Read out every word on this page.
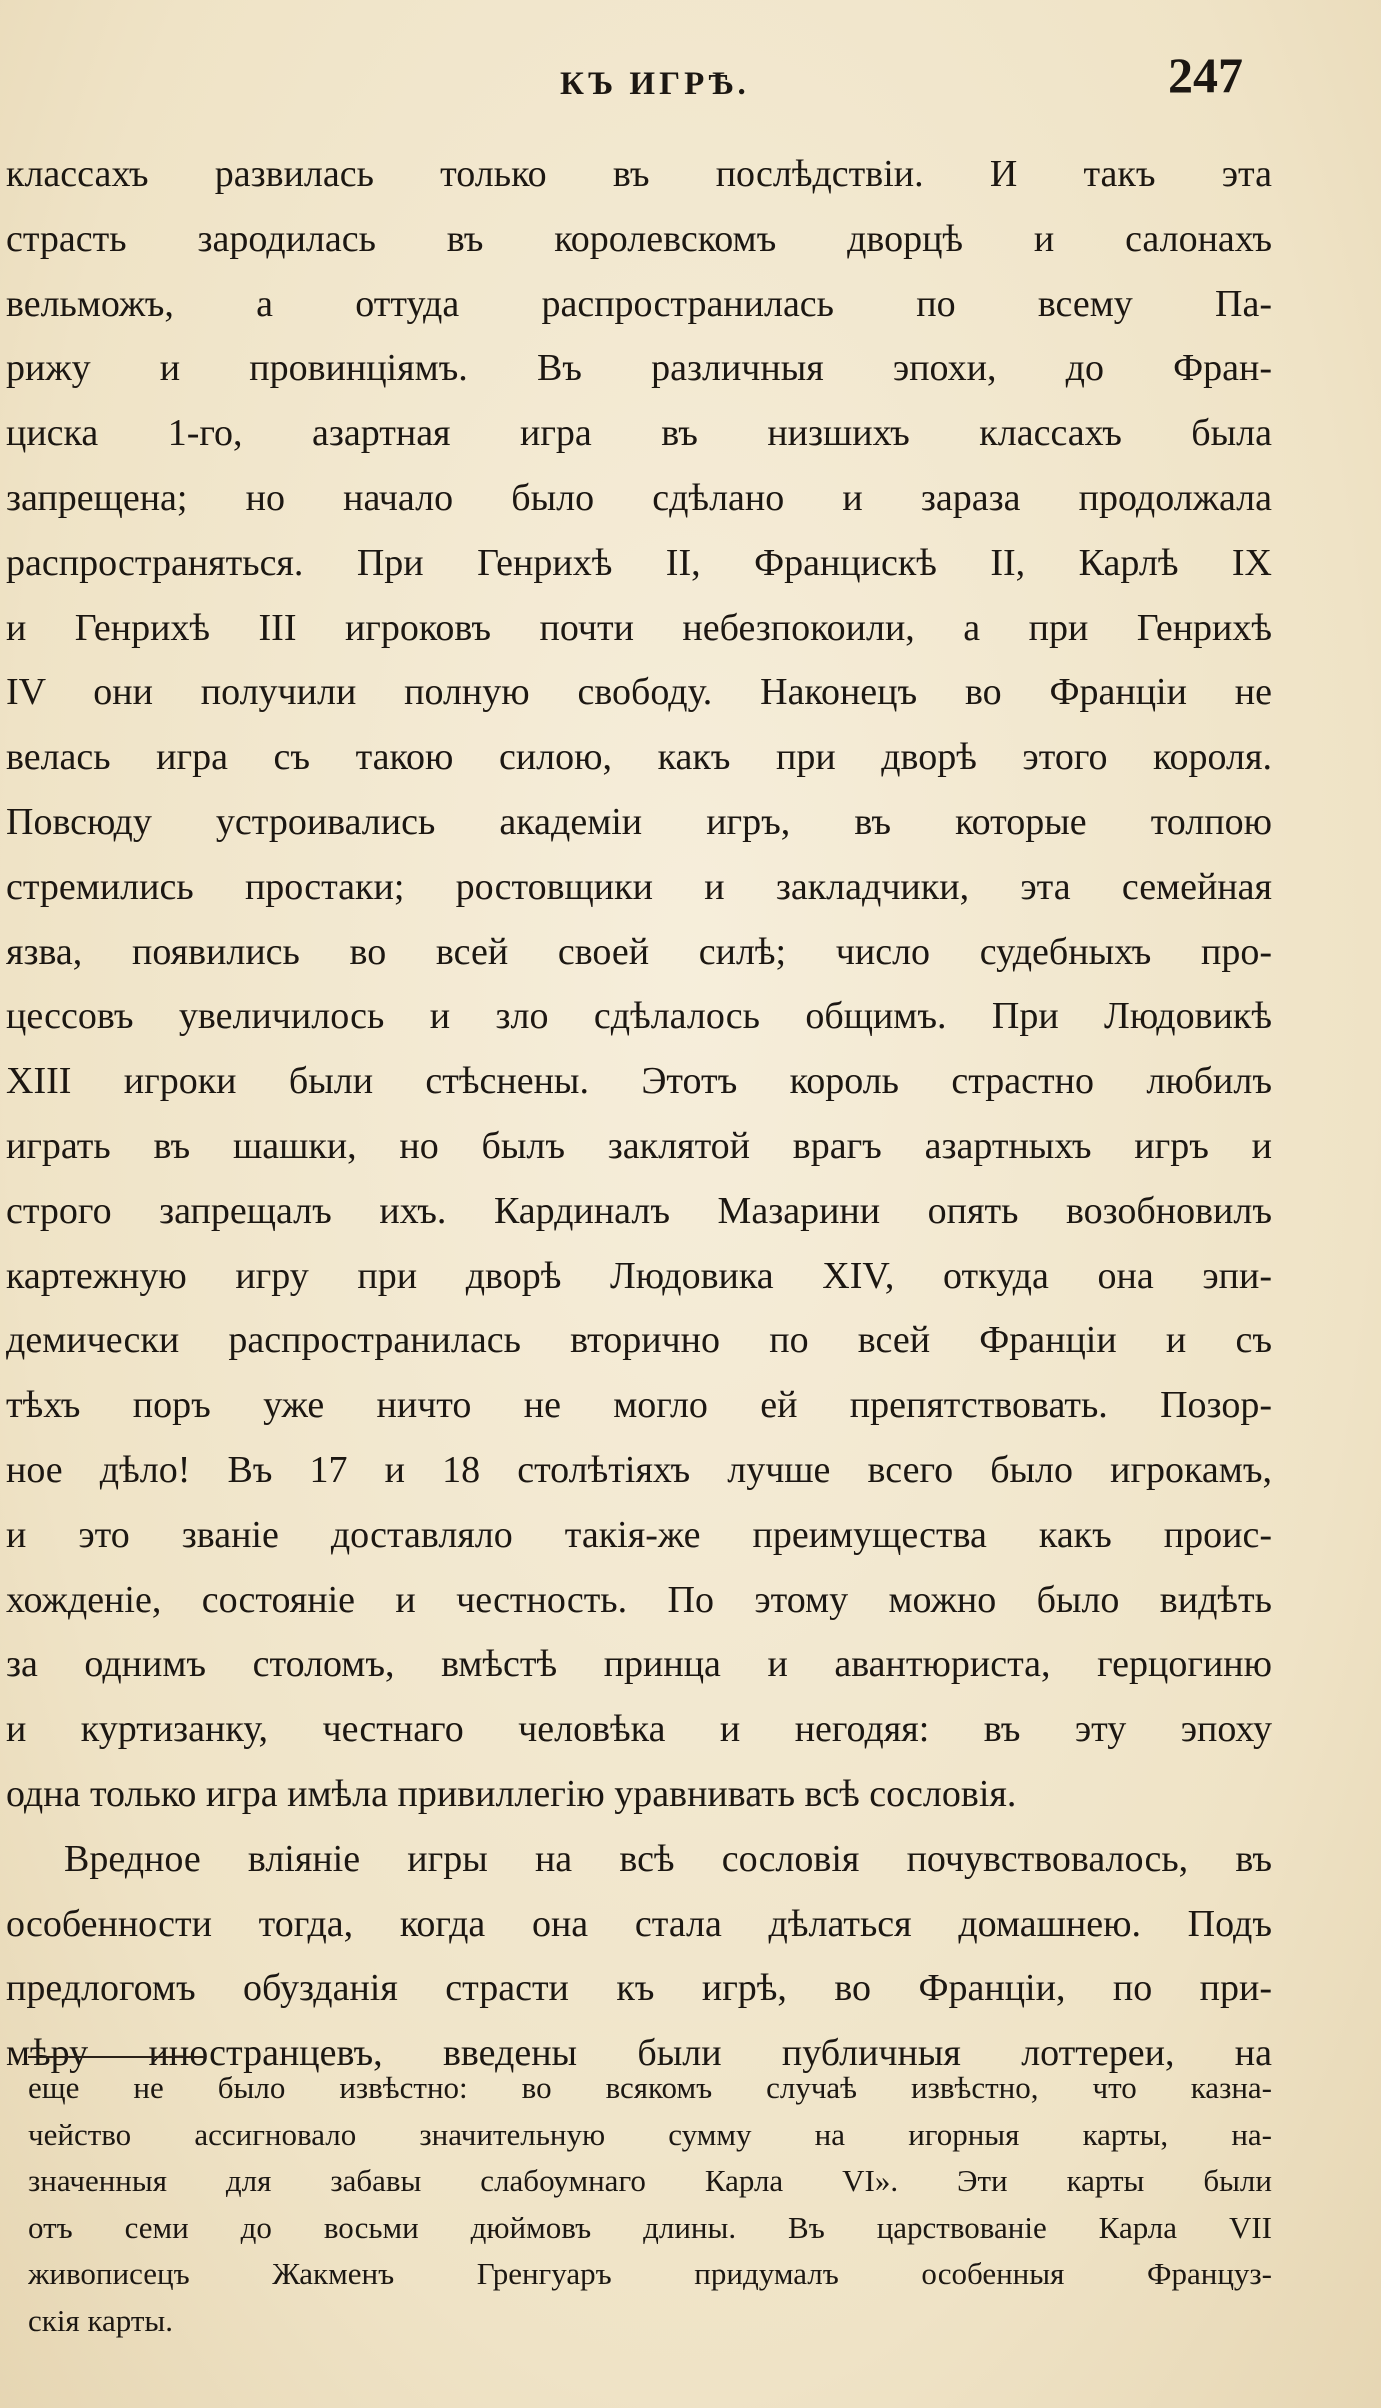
КЪ ИГРѢ.	247
классахъ развилась только въ послѣдствіи. И такъ эта
страсть зародилась въ королевскомъ дворцѣ и салонахъ
вельможъ, а оттуда распространилась по всему Па-
рижу и провинціямъ. Въ различныя эпохи, до Фран-
циска 1-го, азартная игра въ низшихъ классахъ была
запрещена; но начало было сдѣлано и зараза продолжала
распространяться. При Генрихѣ II, Францискѣ II, Карлѣ IX
и Генрихѣ III игроковъ почти небезпокоили, а при Генрихѣ
IV они получили полную свободу. Наконецъ во Франціи не
велась игра съ такою силою, какъ при дворѣ этого короля.
Повсюду устроивались академіи игръ, въ которые толпою
стремились простаки; ростовщики и закладчики, эта семейная
язва, появились во всей своей силѣ; число судебныхъ про-
цессовъ увеличилось и зло сдѣлалось общимъ. При Людовикѣ
XIII игроки были стѣснены. Этотъ король страстно любилъ
играть въ шашки, но былъ заклятой врагъ азартныхъ игръ и
строго запрещалъ ихъ. Кардиналъ Мазарини опять возобновилъ
картежную игру при дворѣ Людовика XIV, откуда она эпи-
демически распространилась вторично по всей Франціи и съ
тѣхъ поръ уже ничто не могло ей препятствовать. Позор-
ное дѣло! Въ 17 и 18 столѣтіяхъ лучше всего было игрокамъ,
и это званіе доставляло такія-же преимущества какъ проис-
хожденіе, состояніе и честность. По этому можно было видѣть
за однимъ столомъ, вмѣстѣ принца и авантюриста, герцогиню
и куртизанку, честнаго человѣка и негодяя: въ эту эпоху
одна только игра имѣла привиллегію уравнивать всѣ сословія.
Вредное вліяніе игры на всѣ сословія почувствовалось, въ
особенности тогда, когда она стала дѣлаться домашнею. Подъ
предлогомъ обузданія страсти къ игрѣ, во Франціи, по при-
мѣру иностранцевъ, введены были публичныя лоттереи, на
еще не было извѣстно: во всякомъ случаѣ извѣстно, что казна-
чейство ассигновало значительную сумму на игорныя карты, на-
значенныя для забавы слабоумнаго Карла VI». Эти карты были
отъ семи до восьми дюймовъ длины. Въ царствованіе Карла VII
живописецъ Жакменъ Гренгуаръ придумалъ особенныя Француз-
скія карты.
